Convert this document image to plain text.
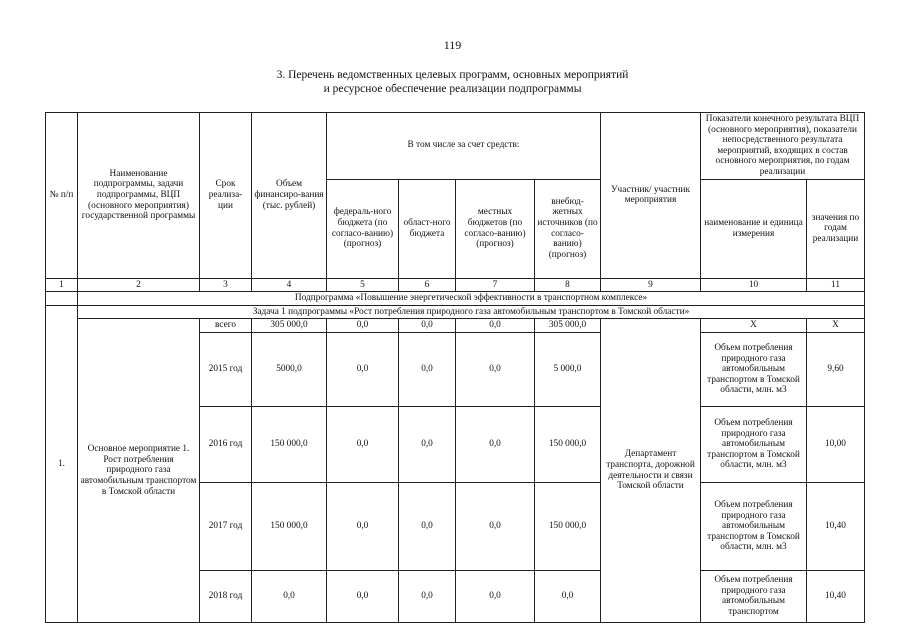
119
3. Перечень ведомственных целевых программ, основных мероприятий
и ресурсное обеспечение реализации подпрограммы
№ п/п	Наименование подпрограммы, задачи подпрограммы, ВЦП (основного мероприятия) государственной программы	Срок реализа-ции	Объем финансиро-вания (тыс. рублей)	В том числе за счет средств:				Участник/ участник мероприятия	Показатели конечного результата ВЦП (основного мероприятия), показатели непосредственного результата мероприятий, входящих в состав основного мероприятия, по годам реализации	
				федераль-ного бюджета (по согласо-ванию) (прогноз)	област-ного бюджета	местных бюджетов (по согласо-ванию) (прогноз)	внебюд-жетных источников (по согласо-ванию) (прогноз)		наименование и единица измерения	значения по годам реализации
1	2	3	4	5	6	7	8	9	10	11
	Подпрограмма «Повышение энергетической эффективности в транспортном комплексе»									
1.	Задача 1 подпрограммы «Рост потребления природного газа автомобильным транспортом в Томской области»									
	Основное мероприятие 1. Рост потребления природного газа автомобильным транспортом в Томской области	всего	305 000,0	0,0	0,0	0,0	305 000,0	Департамент транспорта, дорожной деятельности и связи Томской области	X	X
		2015 год	5000,0	0,0	0,0	0,0	5 000,0		Объем потребления природного газа автомобильным транспортом в Томской области, млн. м3	9,60
		2016 год	150 000,0	0,0	0,0	0,0	150 000,0		Объем потребления природного газа автомобильным транспортом в Томской области, млн. м3	10,00
		2017 год	150 000,0	0,0	0,0	0,0	150 000,0		Объем потребления природного газа автомобильным транспортом в Томской области, млн. м3	10,40
		2018 год	0,0	0,0	0,0	0,0	0,0		Объем потребления природного газа автомобильным транспортом	10,40
